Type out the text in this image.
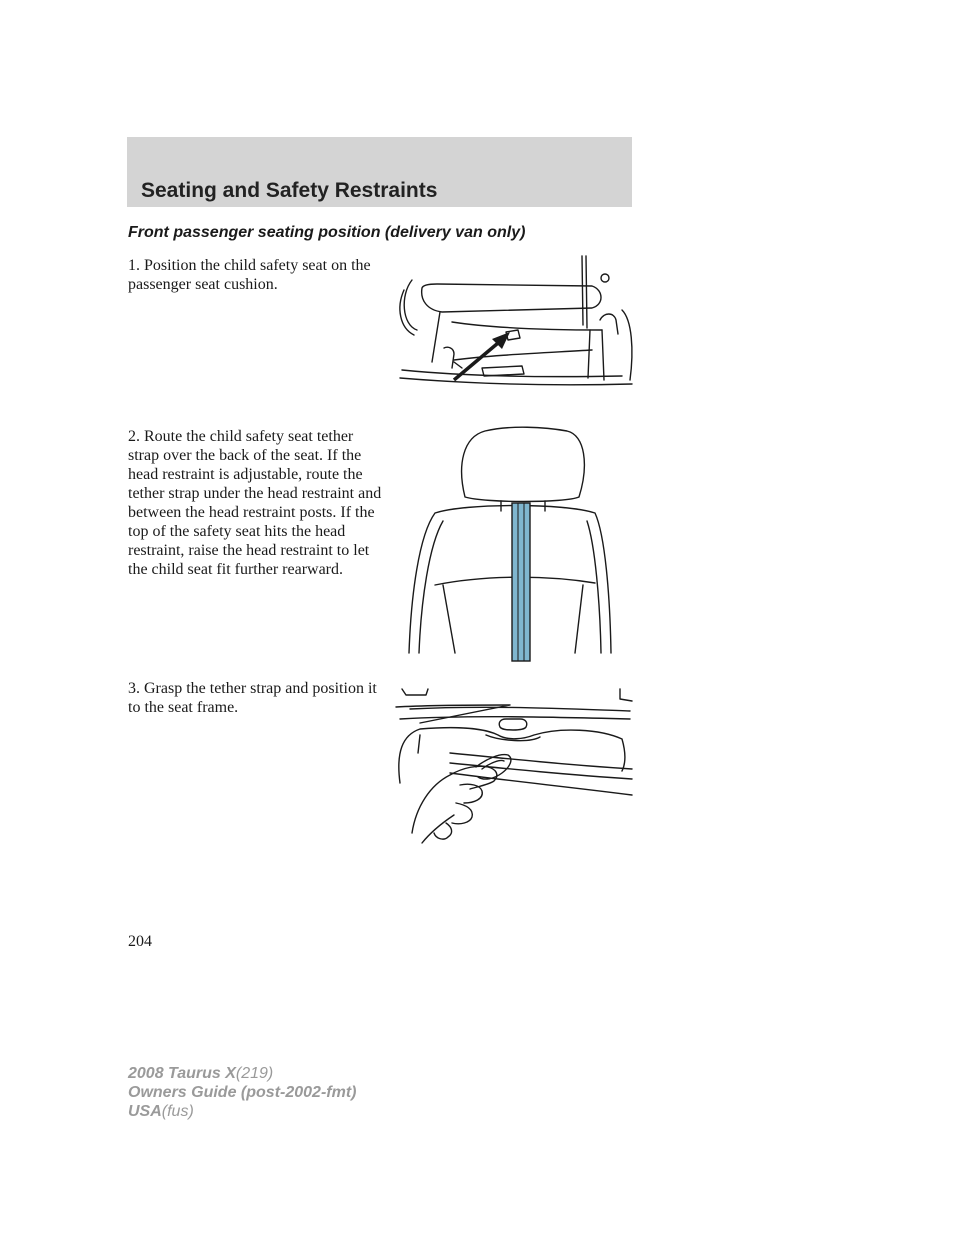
Seating and Safety Restraints
Front passenger seating position (delivery van only)
1. Position the child safety seat on the passenger seat cushion.
2. Route the child safety seat tether strap over the back of the seat. If the head restraint is adjustable, route the tether strap under the head restraint and between the head restraint posts. If the top of the safety seat hits the head restraint, raise the head restraint to let the child seat fit further rearward.
3. Grasp the tether strap and position it to the seat frame.
204
2008 Taurus X(219)
Owners Guide (post-2002-fmt)
USA(fus)
